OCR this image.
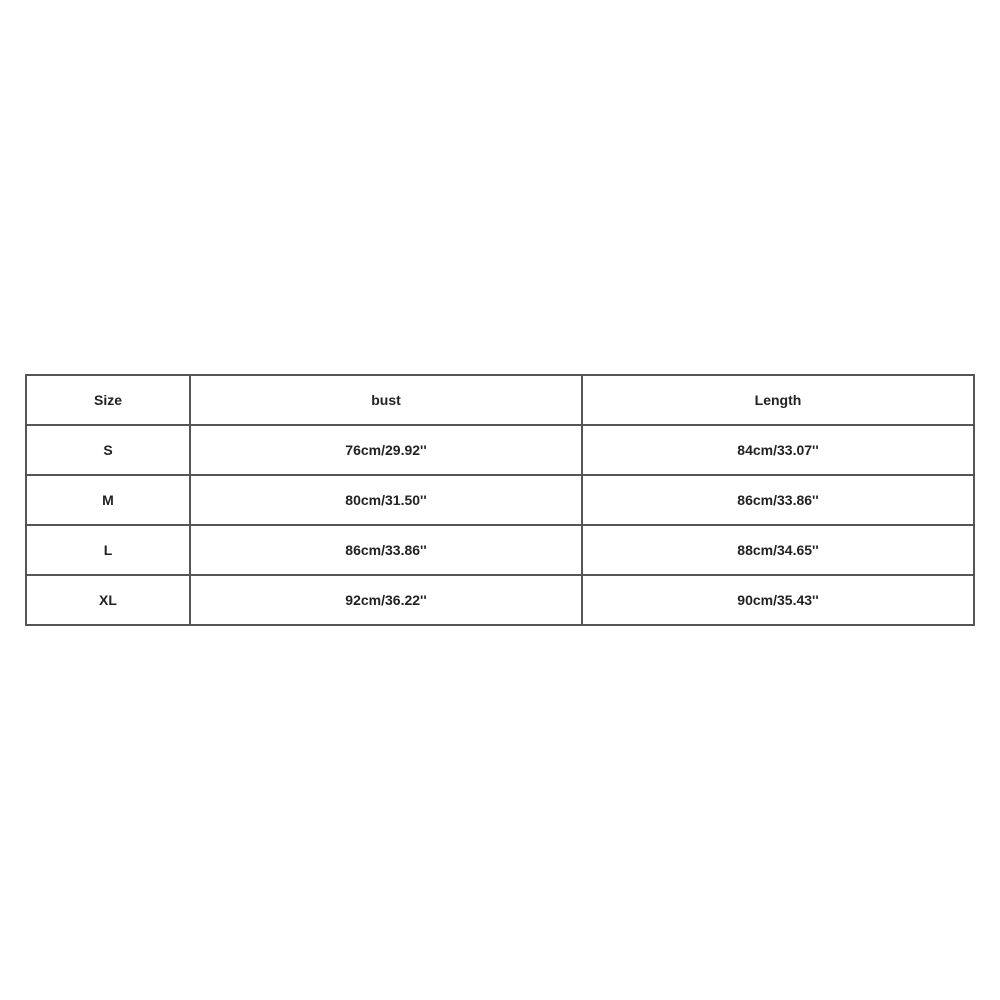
Size	bust	Length
S	76cm/29.92''	84cm/33.07''
M	80cm/31.50''	86cm/33.86''
L	86cm/33.86''	88cm/34.65''
XL	92cm/36.22''	90cm/35.43''
